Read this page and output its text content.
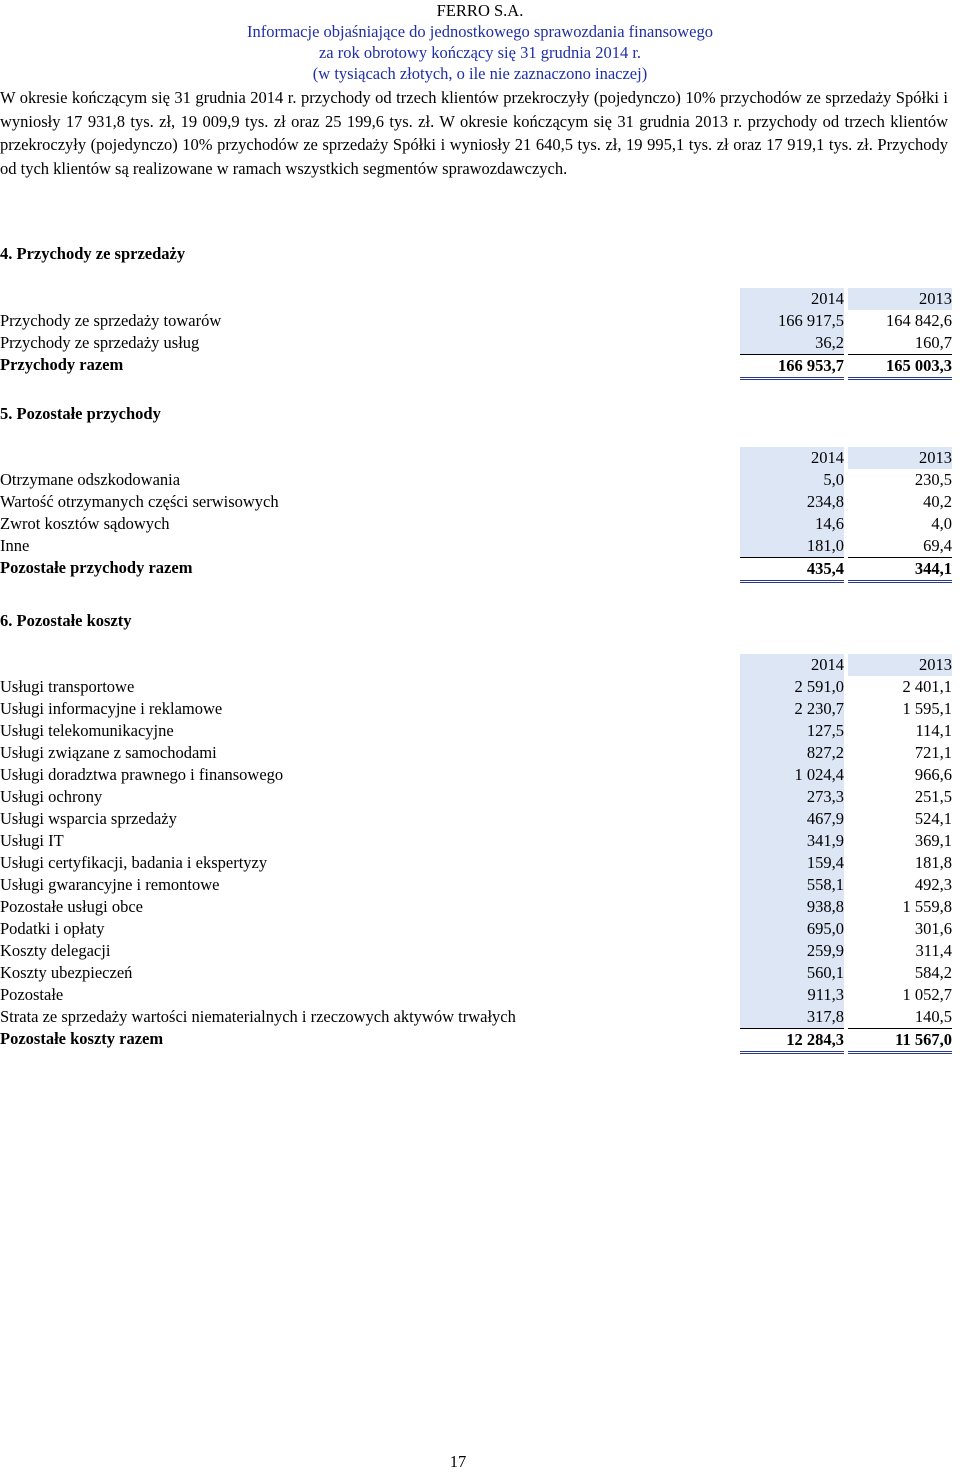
FERRO S.A.
Informacje objaśniające do jednostkowego sprawozdania finansowego
za rok obrotowy kończący się 31 grudnia 2014 r.
(w tysiącach złotych, o ile nie zaznaczono inaczej)

W okresie kończącym się 31 grudnia 2014 r. przychody od trzech klientów przekroczyły (pojedynczo) 10% przychodów ze sprzedaży Spółki i wyniosły 17 931,8 tys. zł, 19 009,9 tys. zł oraz 25 199,6 tys. zł. W okresie kończącym się 31 grudnia 2013 r. przychody od trzech klientów przekroczyły (pojedynczo) 10% przychodów ze sprzedaży Spółki i wyniosły 21 640,5 tys. zł, 19 995,1 tys. zł oraz 17 919,1 tys. zł. Przychody od tych klientów są realizowane w ramach wszystkich segmentów sprawozdawczych.

4. Przychody ze sprzedaży
2014	2013
Przychody ze sprzedaży towarów	166 917,5	164 842,6
Przychody ze sprzedaży usług	36,2	160,7
Przychody razem	166 953,7	165 003,3
5. Pozostałe przychody
2014	2013
Otrzymane odszkodowania	5,0	230,5
Wartość otrzymanych części serwisowych	234,8	40,2
Zwrot kosztów sądowych	14,6	4,0
Inne	181,0	69,4
Pozostałe przychody razem	435,4	344,1
6. Pozostałe koszty
2014	2013
Usługi transportowe	2 591,0	2 401,1
Usługi informacyjne i reklamowe	2 230,7	1 595,1
Usługi telekomunikacyjne	127,5	114,1
Usługi związane z samochodami	827,2	721,1
Usługi doradztwa prawnego i finansowego	1 024,4	966,6
Usługi ochrony	273,3	251,5
Usługi wsparcia sprzedaży	467,9	524,1
Usługi IT	341,9	369,1
Usługi certyfikacji, badania i ekspertyzy	159,4	181,8
Usługi gwarancyjne i remontowe	558,1	492,3
Pozostałe usługi obce	938,8	1 559,8
Podatki i opłaty	695,0	301,6
Koszty delegacji	259,9	311,4
Koszty ubezpieczeń	560,1	584,2
Pozostałe	911,3	1 052,7
Strata ze sprzedaży wartości niematerialnych i rzeczowych aktywów trwałych	317,8	140,5
Pozostałe koszty razem	12 284,3	11 567,0
17
